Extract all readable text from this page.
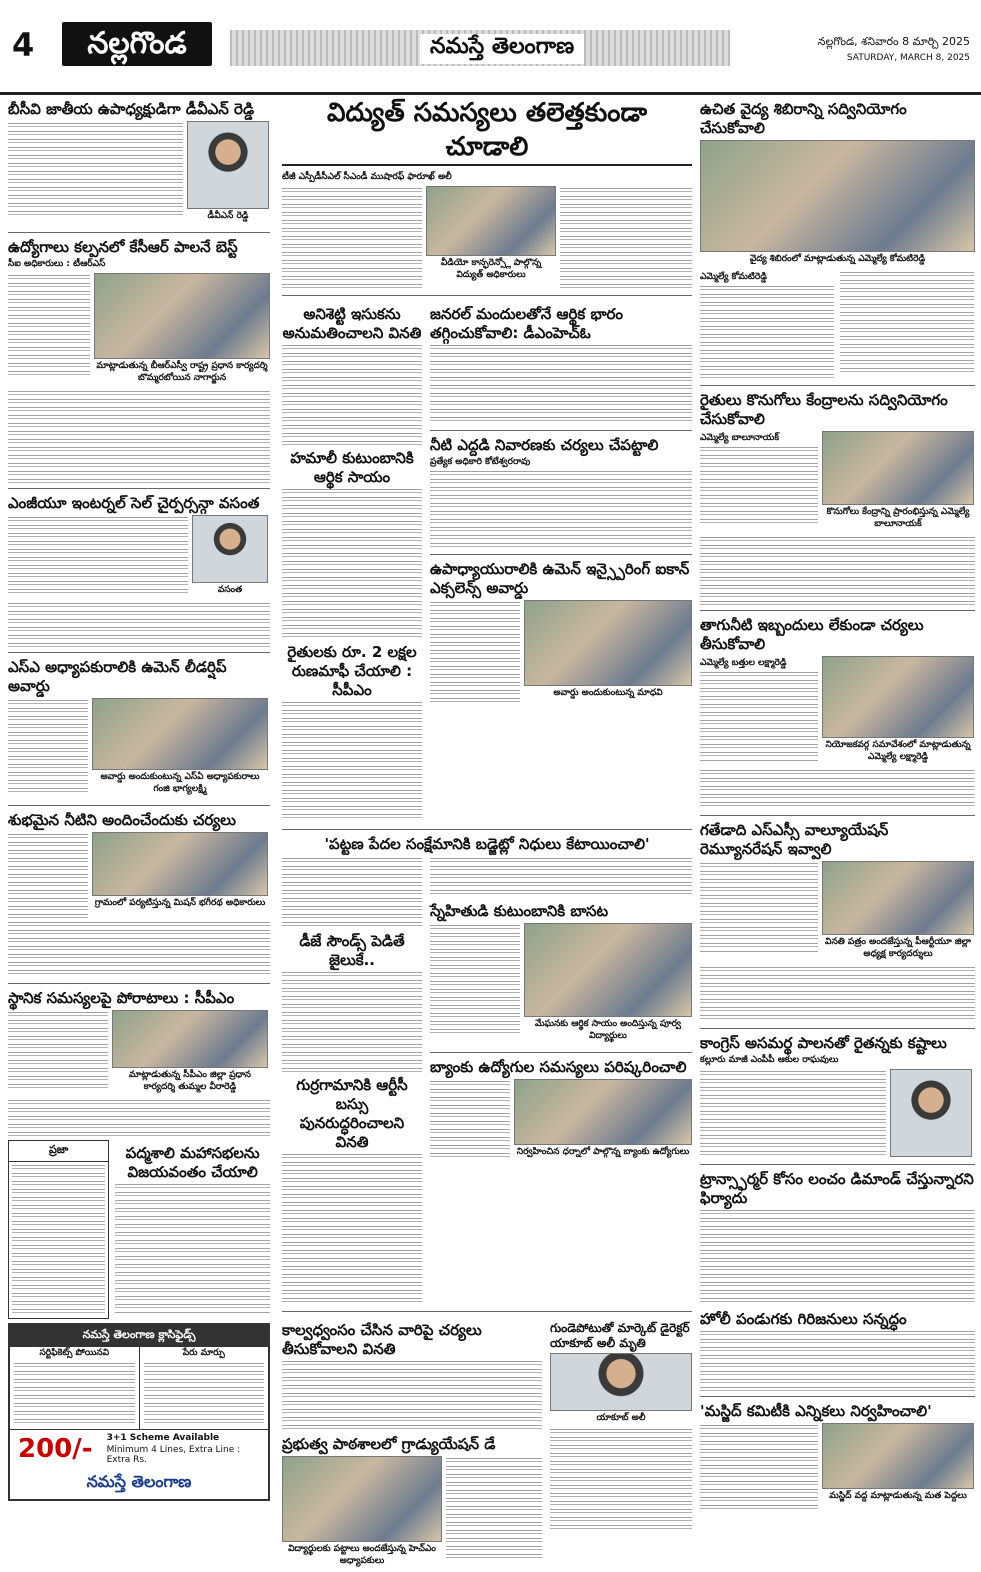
4	నల్లగొండ	నమస్తే తెలంగాణ	నల్లగొండ, శనివారం 8 మార్చి 2025
SATURDAY, MARCH 8, 2025
బీసీవి జాతీయ ఉపాధ్యక్షుడిగా డీవీఎన్ రెడ్డి
డీవీఎన్ రెడ్డి
ఉద్యోగాలు కల్పనలో కేసీఆర్ పాలనే బెస్ట్
సీఐ అధికారులు : టీఆర్ఎస్
మాట్లాడుతున్న బీఆర్ఎస్వీ రాష్ట్ర ప్రధాన కార్యదర్శి బొమ్మరబోయిన నాగార్జున
ఎంజీయూ ఇంటర్నల్ సెల్ చైర్పర్సన్గా వసంత
వసంత
ఎస్ఎ అధ్యాపకురాలికి ఉమెన్ లీడర్షిప్ అవార్డు
అవార్డు అందుకుంటున్న ఎస్ఏ అధ్యాపకురాలు గంజి భాగ్యలక్ష్మి
శుభమైన నీటిని అందించేందుకు చర్యలు
గ్రామంలో పర్యటిస్తున్న మిషన్ భగీరథ అధికారులు
స్థానిక సమస్యలపై పోరాటాలు : సీపీఎం
మాట్లాడుతున్న సీపీఎం జిల్లా ప్రధాన కార్యదర్శి తుమ్మల వీరారెడ్డి
ప్రజా	పద్మశాలి మహాసభలను విజయవంతం చేయాలి
నమస్తే తెలంగాణ క్లాసిఫైడ్స్
సర్టిఫికెట్స్ పోయినవి	పేరు మార్పు
200/-	3+1 Scheme Available
Minimum 4 Lines, Extra Line : Extra Rs.
నమస్తే తెలంగాణ
విద్యుత్ సమస్యలు తలెత్తకుండా చూడాలి
టీజీ ఎస్పీడీసీఎల్ సీఎండీ ముషారఫ్ ఫారూఖ్ అలీ
వీడియో కాన్ఫరెన్స్లో పాల్గొన్న విద్యుత్ అధికారులు
అనిశెట్టి ఇసుకను అనుమతించాలని వినతి
హమాలీ కుటుంబానికి ఆర్థిక సాయం
రైతులకు రూ. 2 లక్షల రుణమాఫీ చేయాలి : సీపీఎం
జనరల్ మందులతోనే ఆర్థిక భారం తగ్గించుకోవాలి: డీఎంహెచ్ఓ
నీటి ఎద్దడి నివారణకు చర్యలు చేపట్టాలి
ప్రత్యేక అధికారి కోటేశ్వరరావు
ఉపాధ్యాయురాలికి ఉమెన్ ఇన్స్పైరింగ్ ఐకాన్ ఎక్సలెన్స్ అవార్డు
అవార్డు అందుకుంటున్న మాధవి
'పట్టణ పేదల సంక్షేమానికి బడ్జెట్లో నిధులు కేటాయించాలి'
డీజే సౌండ్స్ పెడితే జైలుకే..
గుర్రగామానికి ఆర్టీసీ బస్సు పునరుద్ధరించాలని వినతి
స్నేహితుడి కుటుంబానికి బాసట
మేఘనకు ఆర్థిక సాయం అందిస్తున్న పూర్వ విద్యార్థులు
బ్యాంకు ఉద్యోగుల సమస్యలు పరిష్కరించాలి
నిర్వహించిన ధర్నాలో పాల్గొన్న బ్యాంకు ఉద్యోగులు
కాల్వధ్వంసం చేసిన వారిపై చర్యలు తీసుకోవాలని వినతి
ప్రభుత్వ పాఠశాలలో గ్రాడ్యుయేషన్ డే
విద్యార్థులకు పట్టాలు అందజేస్తున్న హెచ్ఎం అధ్యాపకులు
గుండెపోటుతో మార్కెట్ డైరెక్టర్ యాకూబ్ అలీ మృతి
యాకూబ్ అలీ
ఉచిత వైద్య శిబిరాన్ని సద్వినియోగం చేసుకోవాలి
వైద్య శిబిరంలో మాట్లాడుతున్న ఎమ్మెల్యే కోమటిరెడ్డి
ఎమ్మెల్యే కోమటిరెడ్డి
రైతులు కొనుగోలు కేంద్రాలను సద్వినియోగం చేసుకోవాలి
ఎమ్మెల్యే బాలూనాయక్
కొనుగోలు కేంద్రాన్ని ప్రారంభిస్తున్న ఎమ్మెల్యే బాలూనాయక్
తాగునీటి ఇబ్బందులు లేకుండా చర్యలు తీసుకోవాలి
ఎమ్మెల్యే బత్తుల లక్ష్మారెడ్డి
నియోజకవర్గ సమావేశంలో మాట్లాడుతున్న ఎమ్మెల్యే లక్ష్మారెడ్డి
గతేడాది ఎస్ఎస్సీ వాల్యూయేషన్ రెమ్యూనరేషన్ ఇవ్వాలి
వినతి పత్రం అందజేస్తున్న పీఆర్టీయూ జిల్లా అధ్యక్ష కార్యదర్శులు
కాంగ్రెస్ అసమర్థ పాలనతో రైతన్నకు కష్టాలు
కల్లూరు మాజీ ఎంపీపీ ఆకుల రాఘవులు
ట్రాన్స్ఫార్మర్ కోసం లంచం డిమాండ్ చేస్తున్నారని ఫిర్యాదు
హోలీ పండుగకు గిరిజనులు సన్నద్ధం
'మస్జిద్ కమిటీకి ఎన్నికలు నిర్వహించాలి'
మస్జిద్ వద్ద మాట్లాడుతున్న మత పెద్దలు
